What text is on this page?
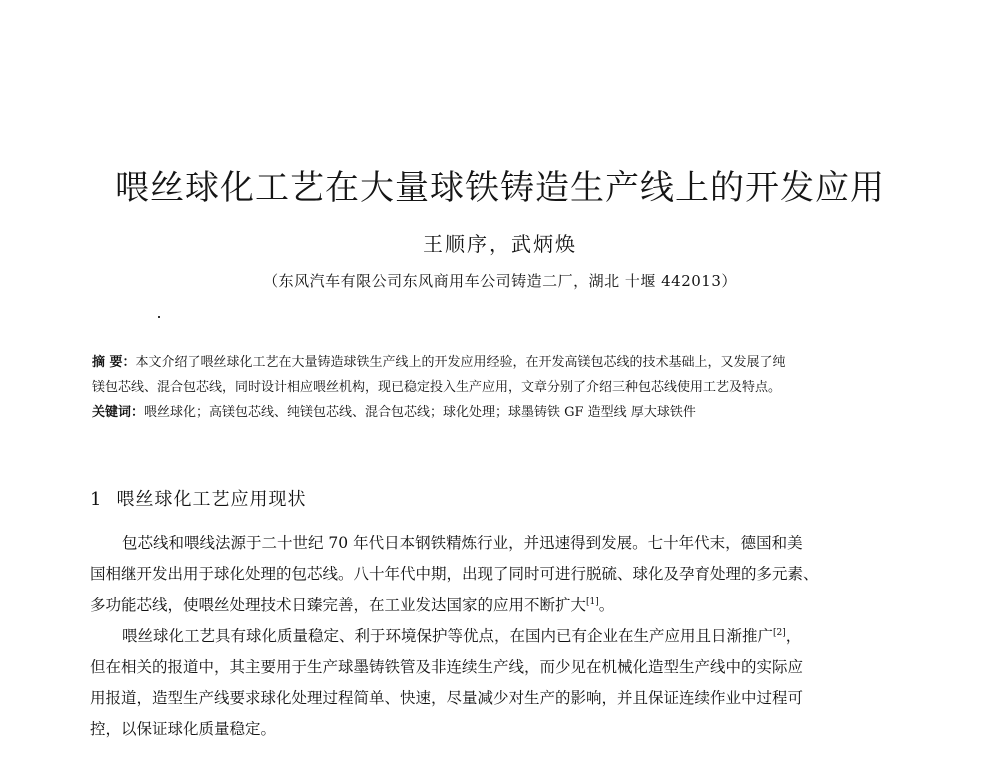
喂丝球化工艺在大量球铁铸造生产线上的开发应用
王顺序，武炳焕
（东风汽车有限公司东风商用车公司铸造二厂，湖北 十堰 442013）
摘 要：本文介绍了喂丝球化工艺在大量铸造球铁生产线上的开发应用经验，在开发高镁包芯线的技术基础上，又发展了纯
镁包芯线、混合包芯线，同时设计相应喂丝机构，现已稳定投入生产应用，文章分别了介绍三种包芯线使用工艺及特点。
关键词：喂丝球化；高镁包芯线、纯镁包芯线、混合包芯线；球化处理；球墨铸铁 GF 造型线 厚大球铁件
1 喂丝球化工艺应用现状
包芯线和喂线法源于二十世纪 70 年代日本钢铁精炼行业，并迅速得到发展。七十年代末，德国和美
国相继开发出用于球化处理的包芯线。八十年代中期，出现了同时可进行脱硫、球化及孕育处理的多元素、
多功能芯线，使喂丝处理技术日臻完善，在工业发达国家的应用不断扩大[1]。
喂丝球化工艺具有球化质量稳定、利于环境保护等优点，在国内已有企业在生产应用且日渐推广[2]，
但在相关的报道中，其主要用于生产球墨铸铁管及非连续生产线，而少见在机械化造型生产线中的实际应
用报道，造型生产线要求球化处理过程简单、快速，尽量减少对生产的影响，并且保证连续作业中过程可
控，以保证球化质量稳定。
